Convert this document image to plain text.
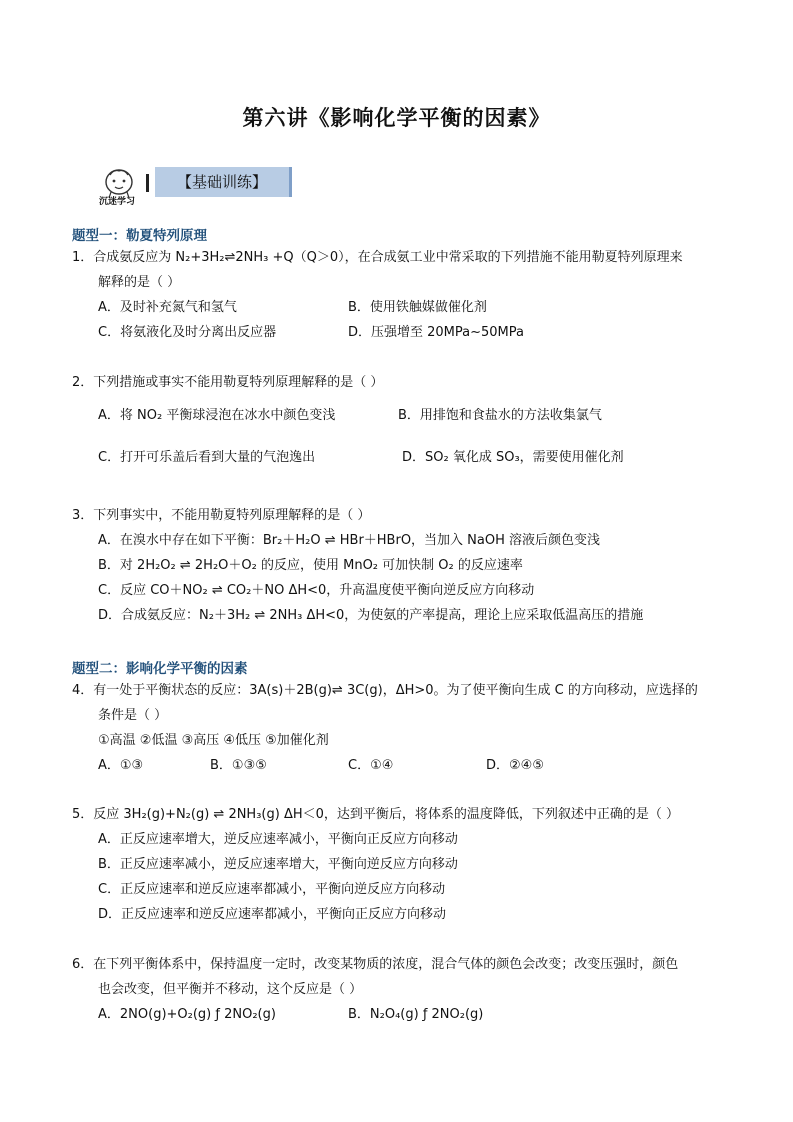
第六讲《影响化学平衡的因素》
沉迷学习
【基础训练】
题型一：勒夏特列原理
1．合成氨反应为 N₂+3H₂⇌2NH₃ +Q（Q＞0），在合成氨工业中常采取的下列措施不能用勒夏特列原理来
解释的是（ ）
A．及时补充氮气和氢气	B．使用铁触媒做催化剂
C．将氨液化及时分离出反应器	D．压强增至 20MPa~50MPa
2．下列措施或事实不能用勒夏特列原理解释的是（ ）
A．将 NO₂ 平衡球浸泡在冰水中颜色变浅	B．用排饱和食盐水的方法收集氯气
C．打开可乐盖后看到大量的气泡逸出	D．SO₂ 氧化成 SO₃，需要使用催化剂
3．下列事实中，不能用勒夏特列原理解释的是（ ）
A．在溴水中存在如下平衡：Br₂＋H₂O ⇌ HBr＋HBrO，当加入 NaOH 溶液后颜色变浅
B．对 2H₂O₂ ⇌ 2H₂O＋O₂ 的反应，使用 MnO₂ 可加快制 O₂ 的反应速率
C．反应 CO＋NO₂ ⇌ CO₂＋NO ΔH<0，升高温度使平衡向逆反应方向移动
D．合成氨反应：N₂＋3H₂ ⇌ 2NH₃ ΔH<0，为使氨的产率提高，理论上应采取低温高压的措施
题型二：影响化学平衡的因素
4．有一处于平衡状态的反应：3A(s)＋2B(g)⇌ 3C(g)，ΔH>0。为了使平衡向生成 C 的方向移动，应选择的
条件是（ ）
①高温 ②低温 ③高压 ④低压 ⑤加催化剂
A．①③	B．①③⑤	C．①④	D．②④⑤
5．反应 3H₂(g)+N₂(g) ⇌ 2NH₃(g) ΔH＜0，达到平衡后，将体系的温度降低，下列叙述中正确的是（ ）
A．正反应速率增大，逆反应速率减小，平衡向正反应方向移动
B．正反应速率减小，逆反应速率增大，平衡向逆反应方向移动
C．正反应速率和逆反应速率都减小，平衡向逆反应方向移动
D．正反应速率和逆反应速率都减小，平衡向正反应方向移动
6．在下列平衡体系中，保持温度一定时，改变某物质的浓度，混合气体的颜色会改变；改变压强时，颜色
也会改变，但平衡并不移动，这个反应是（ ）
A．2NO(g)+O₂(g) ƒ 2NO₂(g)	B．N₂O₄(g) ƒ 2NO₂(g)
